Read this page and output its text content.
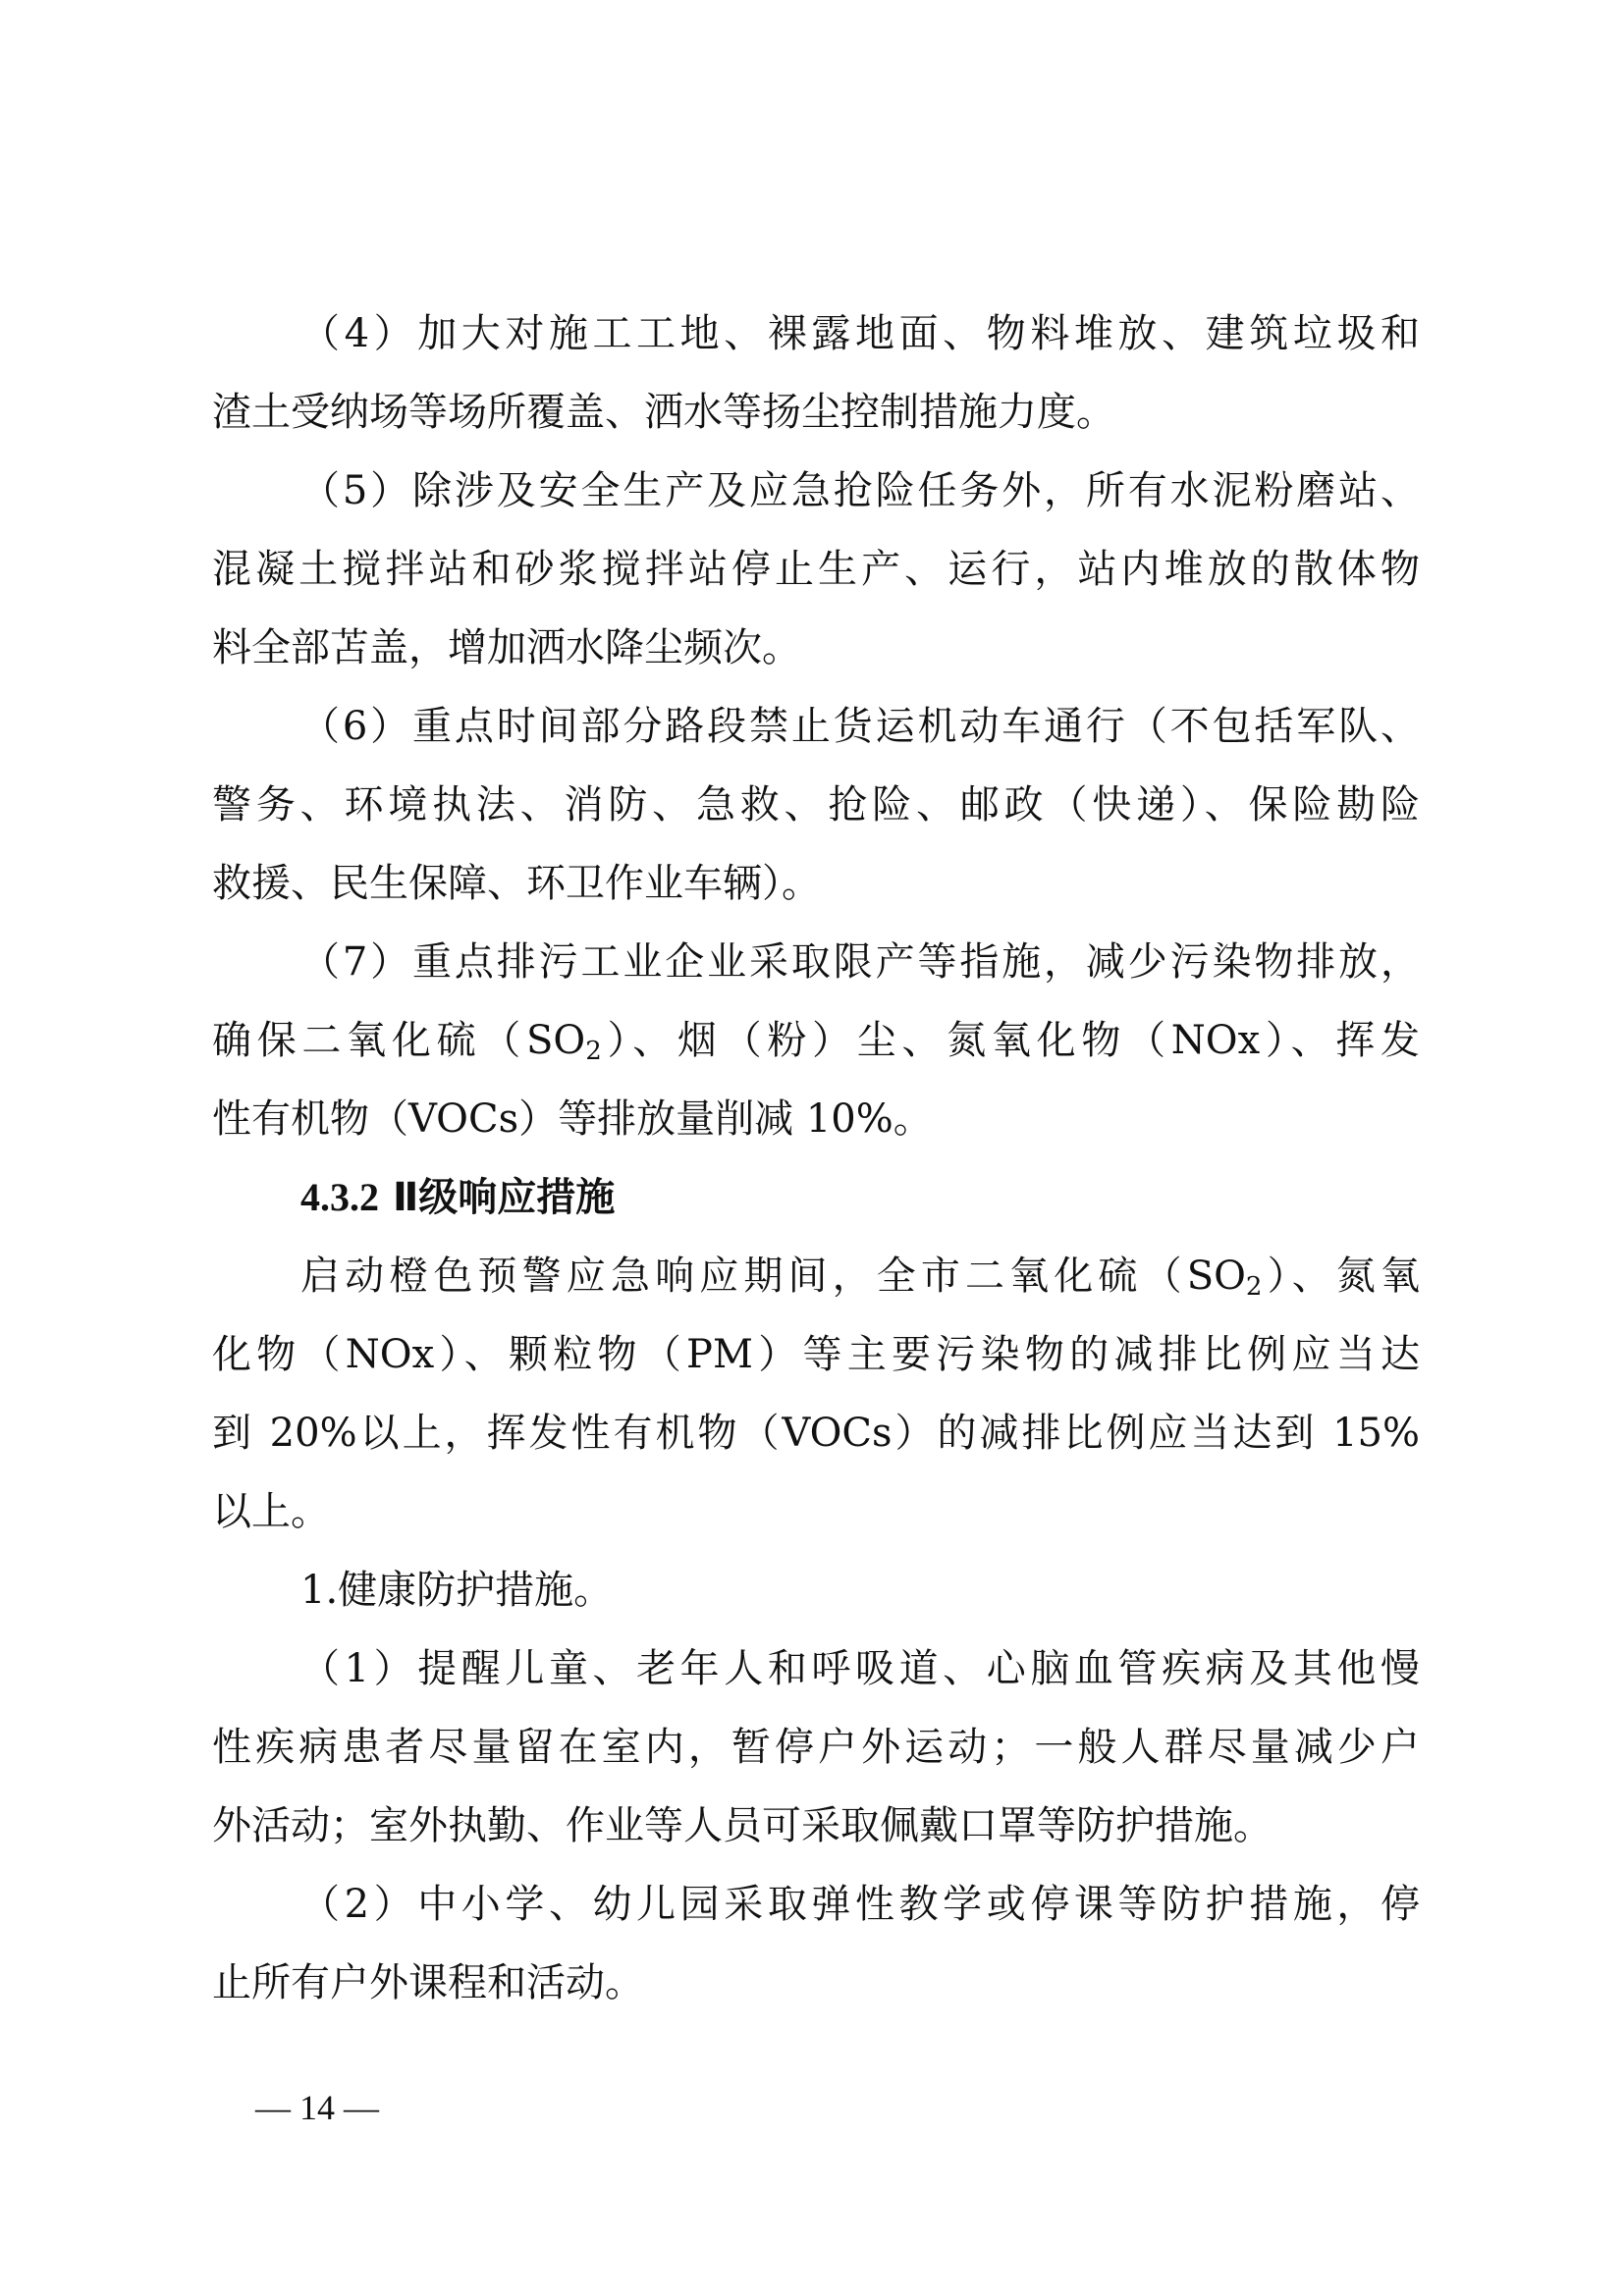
（4）加大对施工工地、裸露地面、物料堆放、建筑垃圾和
渣土受纳场等场所覆盖、洒水等扬尘控制措施力度。
（5）除涉及安全生产及应急抢险任务外，所有水泥粉磨站、
混凝土搅拌站和砂浆搅拌站停止生产、运行，站内堆放的散体物
料全部苫盖，增加洒水降尘频次。
（6）重点时间部分路段禁止货运机动车通行（不包括军队、
警务、环境执法、消防、急救、抢险、邮政（快递）、保险勘险
救援、民生保障、环卫作业车辆）。
（7）重点排污工业企业采取限产等指施，减少污染物排放，
确保二氧化硫$(SO_2)$、烟（粉）尘、氮氧化物（NOx）、挥发
性有机物（VOCs）等排放量削减 10%。
4.3.2 Ⅱ级响应措施
启动橙色预警应急响应期间，全市二氧化硫$(SO_2)$、氮氧
化物（NOx）、颗粒物（PM）等主要污染物的减排比例应当达
到 20%以上，挥发性有机物（VOCs）的减排比例应当达到 15%
以上。
1.健康防护措施。
（1）提醒儿童、老年人和呼吸道、心脑血管疾病及其他慢
性疾病患者尽量留在室内，暂停户外运动；一般人群尽量减少户
外活动；室外执勤、作业等人员可采取佩戴口罩等防护措施。
（2）中小学、幼儿园采取弹性教学或停课等防护措施，停
止所有户外课程和活动。
— 14 —
